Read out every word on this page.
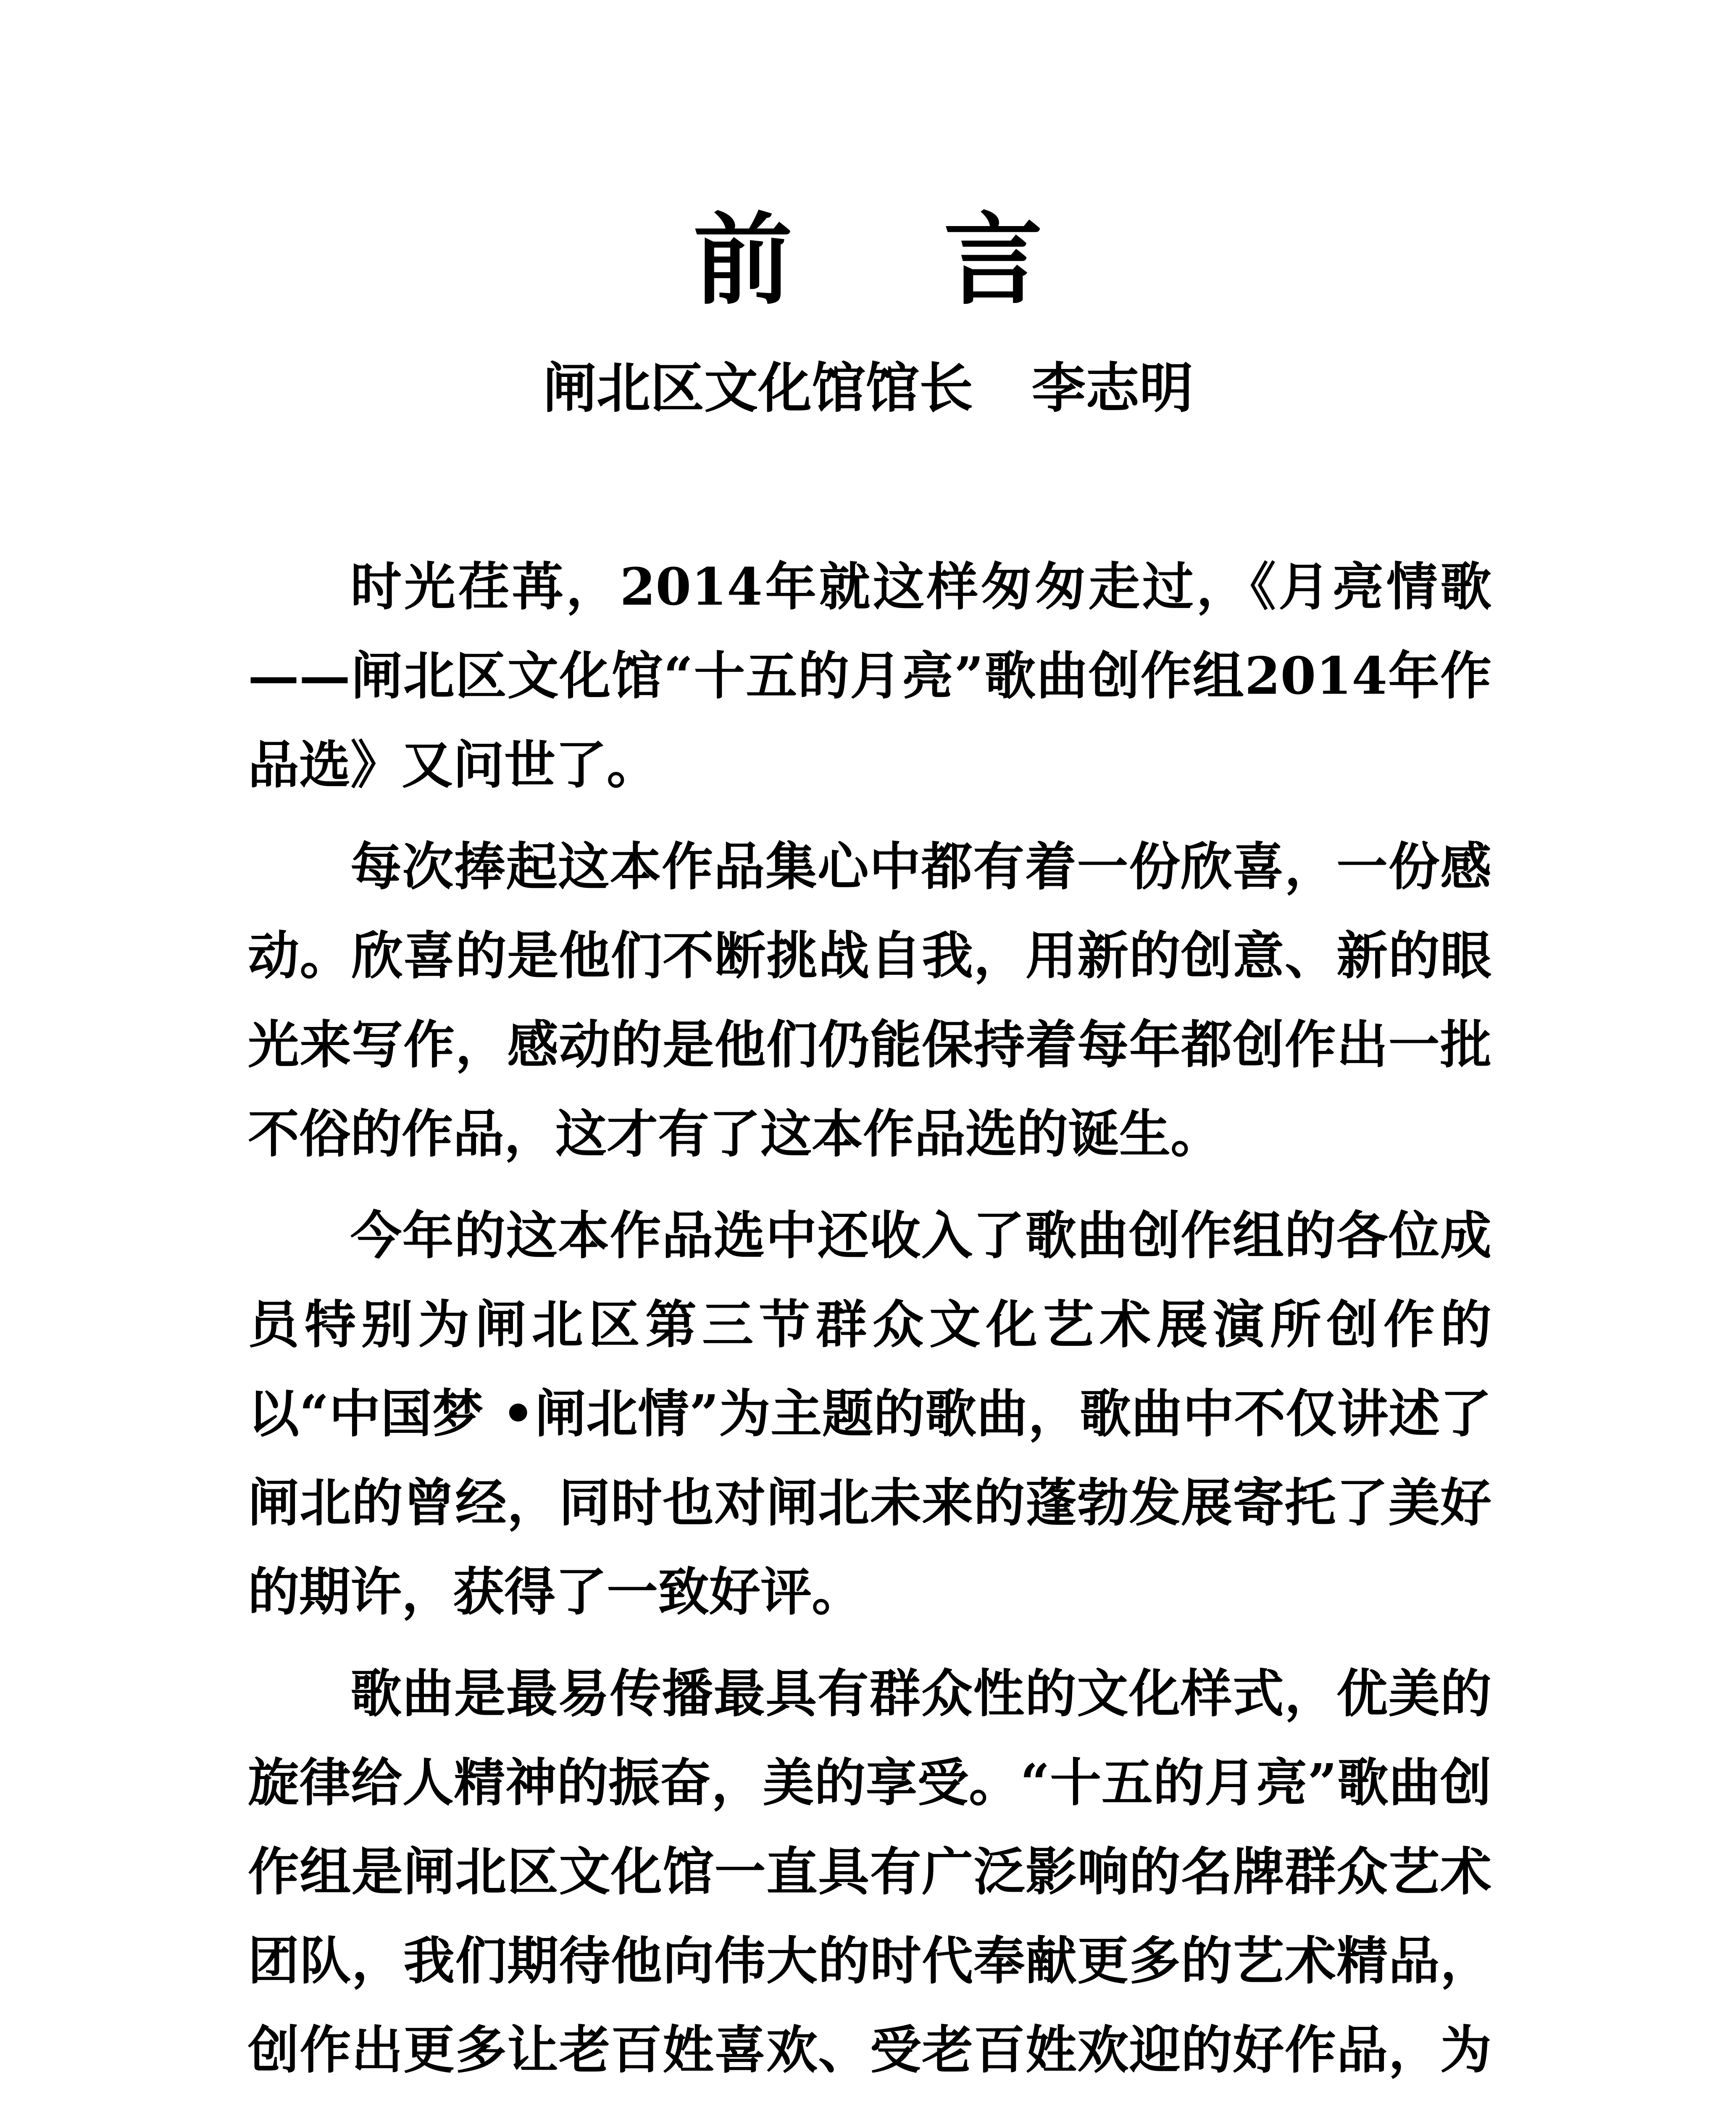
前 言
闸北区文化馆馆长 李志明

时光荏苒，2014年就这样匆匆走过，《月亮情歌——闸北区文化馆“十五的月亮”歌曲创作组2014年作品选》又问世了。

每次捧起这本作品集心中都有着一份欣喜，一份感动。欣喜的是他们不断挑战自我，用新的创意、新的眼光来写作，感动的是他们仍能保持着每年都创作出一批不俗的作品，这才有了这本作品选的诞生。

今年的这本作品选中还收入了歌曲创作组的各位成员特别为闸北区第三节群众文化艺术展演所创作的以“中国梦 •闸北情”为主题的歌曲，歌曲中不仅讲述了闸北的曾经，同时也对闸北未来的蓬勃发展寄托了美好的期许，获得了一致好评。

歌曲是最易传播最具有群众性的文化样式，优美的旋律给人精神的振奋，美的享受。“十五的月亮”歌曲创作组是闸北区文化馆一直具有广泛影响的名牌群众艺术团队，我们期待他向伟大的时代奉献更多的艺术精品，创作出更多让老百姓喜欢、受老百姓欢迎的好作品，为
